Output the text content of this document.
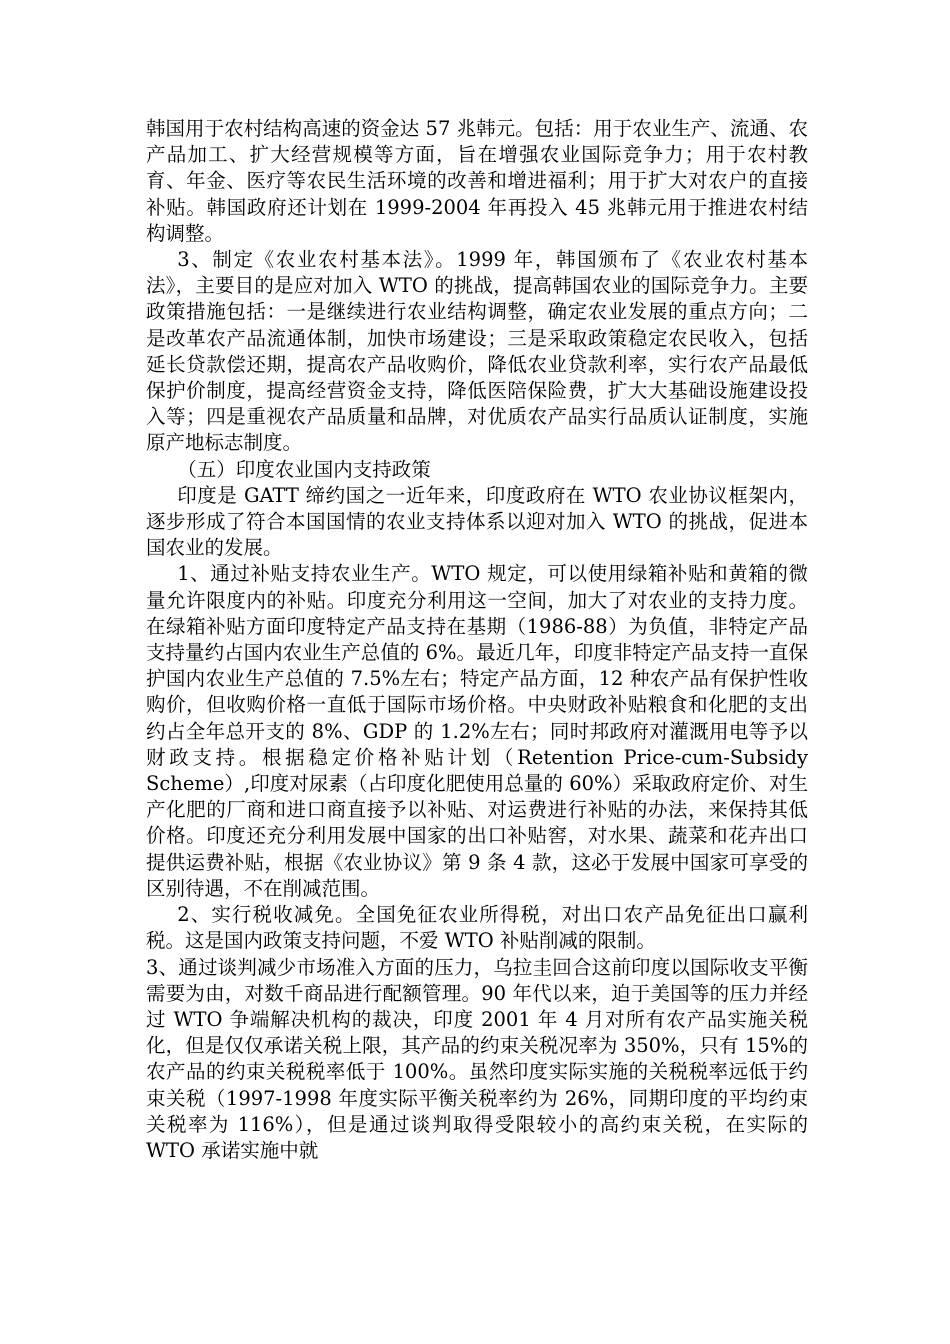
韩国用于农村结构高速的资金达 57 兆韩元。包括：用于农业生产、流通、农产品加工、扩大经营规模等方面，旨在增强农业国际竞争力；用于农村教育、年金、医疗等农民生活环境的改善和增进福利；用于扩大对农户的直接补贴。韩国政府还计划在 1999-2004 年再投入 45 兆韩元用于推进农村结构调整。

3、制定《农业农村基本法》。1999 年，韩国颁布了《农业农村基本法》，主要目的是应对加入 WTO 的挑战，提高韩国农业的国际竞争力。主要政策措施包括：一是继续进行农业结构调整，确定农业发展的重点方向；二是改革农产品流通体制，加快市场建设；三是采取政策稳定农民收入，包括延长贷款偿还期，提高农产品收购价，降低农业贷款利率，实行农产品最低保护价制度，提高经营资金支持，降低医陪保险费，扩大大基础设施建设投入等；四是重视农产品质量和品牌，对优质农产品实行品质认证制度，实施原产地标志制度。

（五）印度农业国内支持政策

印度是 GATT 缔约国之一近年来，印度政府在 WTO 农业协议框架内，逐步形成了符合本国国情的农业支持体系以迎对加入 WTO 的挑战，促进本国农业的发展。

1、通过补贴支持农业生产。WTO 规定，可以使用绿箱补贴和黄箱的微量允许限度内的补贴。印度充分利用这一空间，加大了对农业的支持力度。在绿箱补贴方面印度特定产品支持在基期（1986-88）为负值，非特定产品支持量约占国内农业生产总值的 6%。最近几年，印度非特定产品支持一直保护国内农业生产总值的 7.5%左右；特定产品方面，12 种农产品有保护性收购价，但收购价格一直低于国际市场价格。中央财政补贴粮食和化肥的支出约占全年总开支的 8%、GDP 的 1.2%左右；同时邦政府对灌溉用电等予以财政支持。根据稳定价格补贴计划（Retention Price-cum-Subsidy Scheme）,印度对尿素（占印度化肥使用总量的 60%）采取政府定价、对生产化肥的厂商和进口商直接予以补贴、对运费进行补贴的办法，来保持其低价格。印度还充分利用发展中国家的出口补贴窖，对水果、蔬菜和花卉出口提供运费补贴，根据《农业协议》第 9 条 4 款，这必于发展中国家可享受的区别待遇，不在削减范围。

2、实行税收减免。全国免征农业所得税，对出口农产品免征出口赢利税。这是国内政策支持问题，不爱 WTO 补贴削减的限制。

3、通过谈判减少市场准入方面的压力，乌拉圭回合这前印度以国际收支平衡需要为由，对数千商品进行配额管理。90 年代以来，迫于美国等的压力并经过 WTO 争端解决机构的裁决，印度 2001 年 4 月对所有农产品实施关税化，但是仅仅承诺关税上限，其产品的约束关税况率为 350%，只有 15%的农产品的约束关税税率低于 100%。虽然印度实际实施的关税税率远低于约束关税（1997-1998 年度实际平衡关税率约为 26%，同期印度的平均约束关税率为 116%），但是通过谈判取得受限较小的高约束关税，在实际的 WTO 承诺实施中就
